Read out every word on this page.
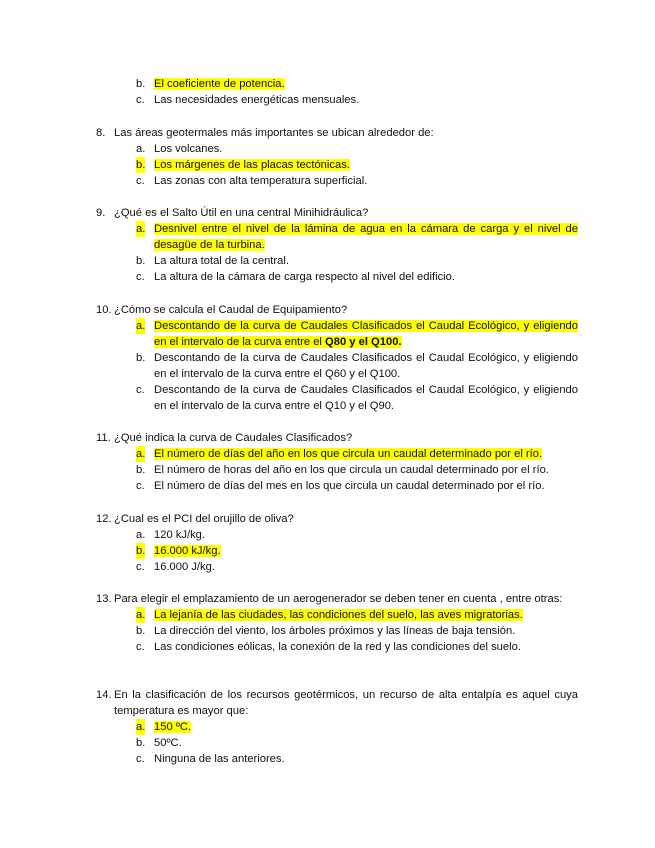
b. El coeficiente de potencia.
c. Las necesidades energéticas mensuales.
8. Las áreas geotermales más importantes se ubican alrededor de:
a. Los volcanes.
b. Los márgenes de las placas tectónicas.
c. Las zonas con alta temperatura superficial.
9. ¿Qué es el Salto Útil en una central Minihidráulica?
a. Desnivel entre el nivel de la lámina de agua en la cámara de carga y el nivel de desagüe de la turbina.
b. La altura total de la central.
c. La altura de la cámara de carga respecto al nivel del edificio.
10. ¿Cómo se calcula el Caudal de Equipamiento?
a. Descontando de la curva de Caudales Clasificados el Caudal Ecológico, y eligiendo en el intervalo de la curva entre el Q80 y el Q100.
b. Descontando de la curva de Caudales Clasificados el Caudal Ecológico, y eligiendo en el intervalo de la curva entre el Q60 y el Q100.
c. Descontando de la curva de Caudales Clasificados el Caudal Ecológico, y eligiendo en el intervalo de la curva entre el Q10 y el Q90.
11. ¿Qué indica la curva de Caudales Clasificados?
a. El número de días del año en los que circula un caudal determinado por el río.
b. El número de horas del año en los que circula un caudal determinado por el río.
c. El número de días del mes en los que circula un caudal determinado por el río.
12. ¿Cual es el PCI del orujillo de oliva?
a. 120 kJ/kg.
b. 16.000 kJ/kg.
c. 16.000 J/kg.
13. Para elegir el emplazamiento de un aerogenerador se deben tener en cuenta , entre otras:
a. La lejanía de las ciudades, las condiciones del suelo, las aves migratorias.
b. La dirección del viento, los árboles próximos y las líneas de baja tensión.
c. Las condiciones eólicas, la conexión de la red y las condiciones del suelo.
14. En la clasificación de los recursos geotérmicos, un recurso de alta entalpía es aquel cuya temperatura es mayor que:
a. 150 ºC.
b. 50ºC.
c. Ninguna de las anteriores.
